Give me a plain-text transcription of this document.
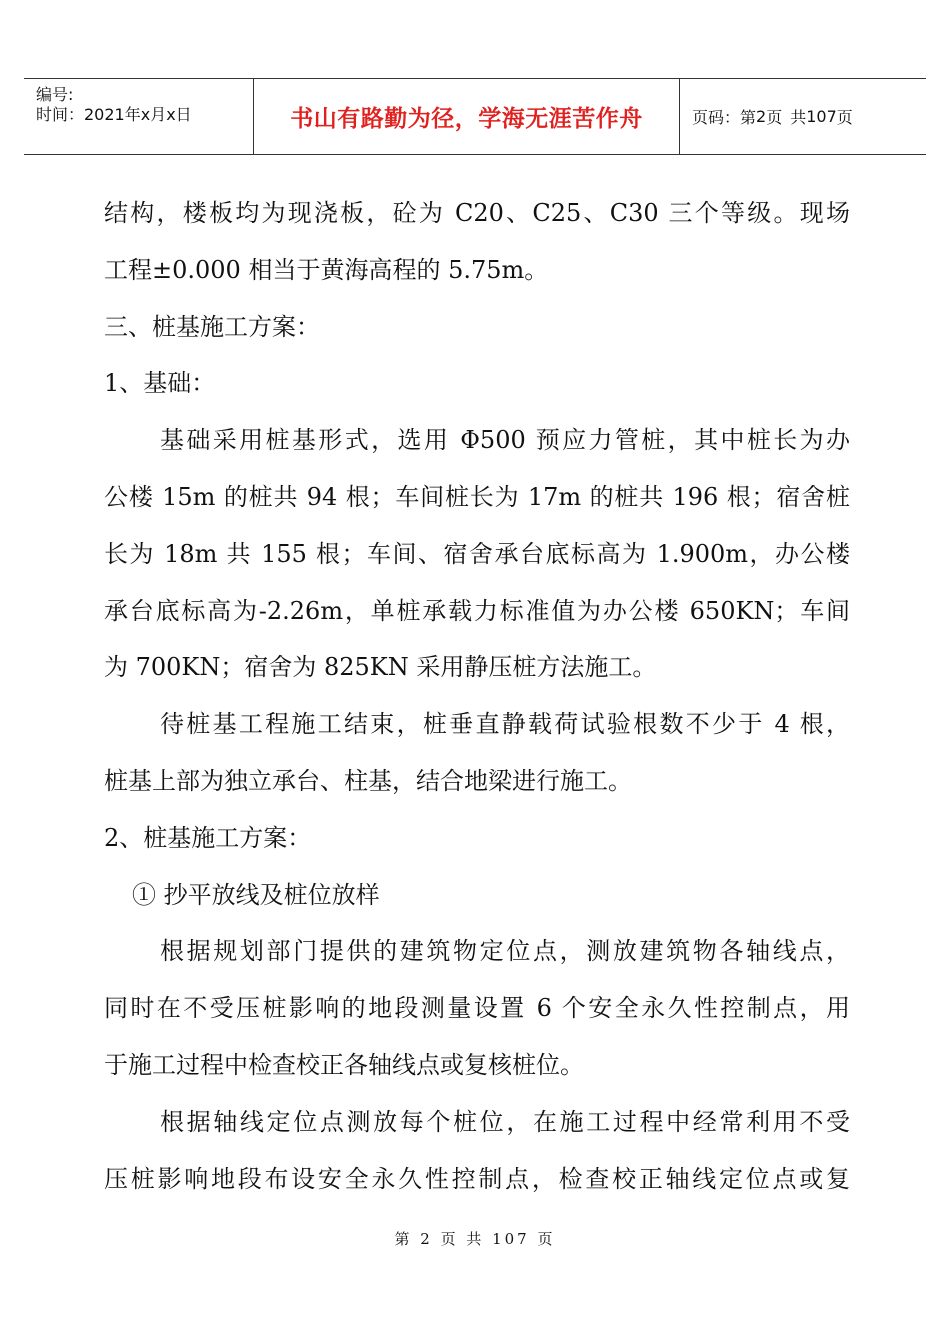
编号:
时间：2021年x月x日	书山有路勤为径，学海无涯苦作舟	页码：第 2 页 共 107 页
结构，楼板均为现浇板，砼为 C20、C25、C30 三个等级。现场
工程±0.000 相当于黄海高程的 5.75m。
三、桩基施工方案：
1、基础：
基础采用桩基形式，选用 Φ500 预应力管桩，其中桩长为办
公楼 15m 的桩共 94 根；车间桩长为 17m 的桩共 196 根；宿舍桩
长为 18m 共 155 根；车间、宿舍承台底标高为 1.900m，办公楼
承台底标高为-2.26m，单桩承载力标准值为办公楼 650KN；车间
为 700KN；宿舍为 825KN 采用静压桩方法施工。
待桩基工程施工结束，桩垂直静载荷试验根数不少于 4 根，
桩基上部为独立承台、柱基，结合地梁进行施工。
2、桩基施工方案：
① 抄平放线及桩位放样
根据规划部门提供的建筑物定位点，测放建筑物各轴线点，
同时在不受压桩影响的地段测量设置 6 个安全永久性控制点，用
于施工过程中检查校正各轴线点或复核桩位。
根据轴线定位点测放每个桩位，在施工过程中经常利用不受
压桩影响地段布设安全永久性控制点，检查校正轴线定位点或复
第 2 页 共 107 页
